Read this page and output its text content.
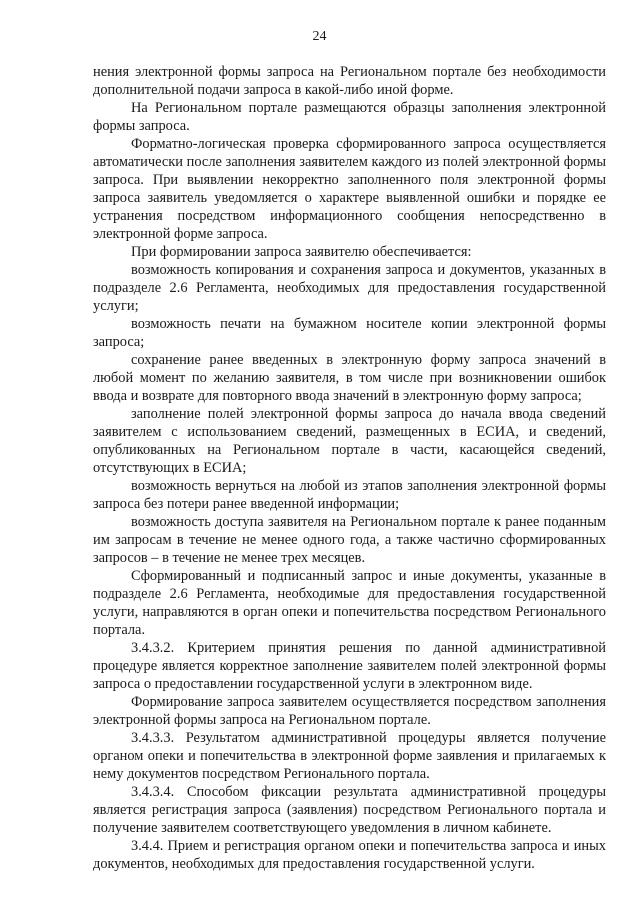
24

нения электронной формы запроса на Региональном портале без необходимости дополнительной подачи запроса в какой-либо иной форме.

На Региональном портале размещаются образцы заполнения электронной формы запроса.

Форматно-логическая проверка сформированного запроса осуществляется автоматически после заполнения заявителем каждого из полей электронной формы запроса. При выявлении некорректно заполненного поля электронной формы запроса заявитель уведомляется о характере выявленной ошибки и порядке ее устранения посредством информационного сообщения непосредственно в электронной форме запроса.

При формировании запроса заявителю обеспечивается:

возможность копирования и сохранения запроса и документов, указанных в подразделе 2.6 Регламента, необходимых для предоставления государственной услуги;

возможность печати на бумажном носителе копии электронной формы запроса;

сохранение ранее введенных в электронную форму запроса значений в любой момент по желанию заявителя, в том числе при возникновении ошибок ввода и возврате для повторного ввода значений в электронную форму запроса;

заполнение полей электронной формы запроса до начала ввода сведений заявителем с использованием сведений, размещенных в ЕСИА, и сведений, опубликованных на Региональном портале в части, касающейся сведений, отсутствующих в ЕСИА;

возможность вернуться на любой из этапов заполнения электронной формы запроса без потери ранее введенной информации;

возможность доступа заявителя на Региональном портале к ранее поданным им запросам в течение не менее одного года, а также частично сформированных запросов – в течение не менее трех месяцев.

Сформированный и подписанный запрос и иные документы, указанные в подразделе 2.6 Регламента, необходимые для предоставления государственной услуги, направляются в орган опеки и попечительства посредством Регионального портала.

3.4.3.2. Критерием принятия решения по данной административной процедуре является корректное заполнение заявителем полей электронной формы запроса о предоставлении государственной услуги в электронном виде.

Формирование запроса заявителем осуществляется посредством заполнения электронной формы запроса на Региональном портале.

3.4.3.3. Результатом административной процедуры является получение органом опеки и попечительства в электронной форме заявления и прилагаемых к нему документов посредством Регионального портала.

3.4.3.4. Способом фиксации результата административной процедуры является регистрация запроса (заявления) посредством Регионального портала и получение заявителем соответствующего уведомления в личном кабинете.

3.4.4. Прием и регистрация органом опеки и попечительства запроса и иных документов, необходимых для предоставления государственной услуги.
